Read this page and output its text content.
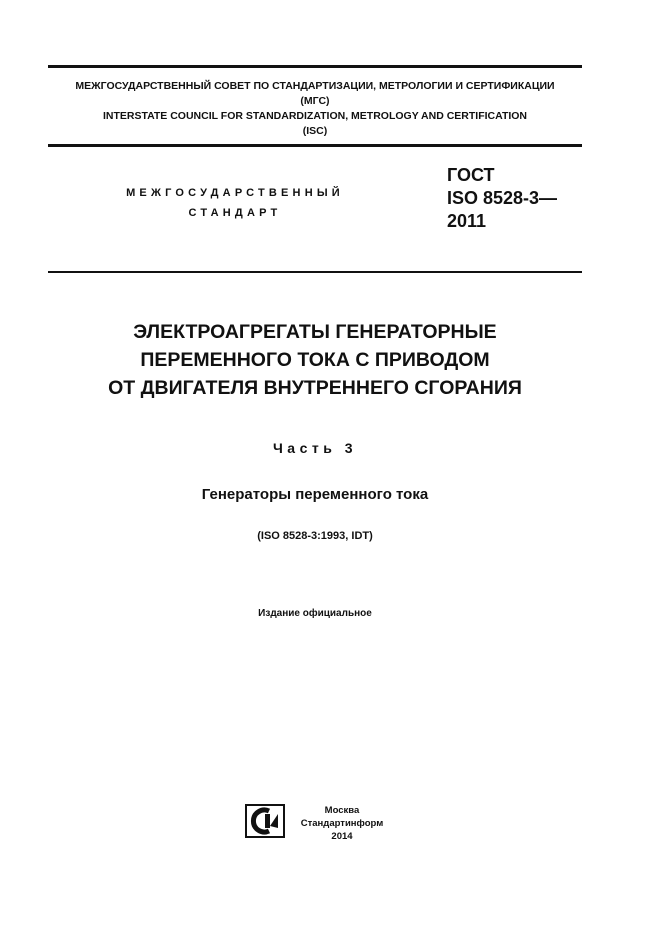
МЕЖГОСУДАРСТВЕННЫЙ СОВЕТ ПО СТАНДАРТИЗАЦИИ, МЕТРОЛОГИИ И СЕРТИФИКАЦИИ
(МГС)
INTERSTATE COUNCIL FOR STANDARDIZATION, METROLOGY AND CERTIFICATION
(ISC)
МЕЖГОСУДАРСТВЕННЫЙ
СТАНДАРТ
ГОСТ
ISO 8528-3—
2011
ЭЛЕКТРОАГРЕГАТЫ ГЕНЕРАТОРНЫЕ
ПЕРЕМЕННОГО ТОКА С ПРИВОДОМ
ОТ ДВИГАТЕЛЯ ВНУТРЕННЕГО СГОРАНИЯ
Часть 3
Генераторы переменного тока
(ISO 8528-3:1993, IDT)
Издание официальное
Москва
Стандартинформ
2014
